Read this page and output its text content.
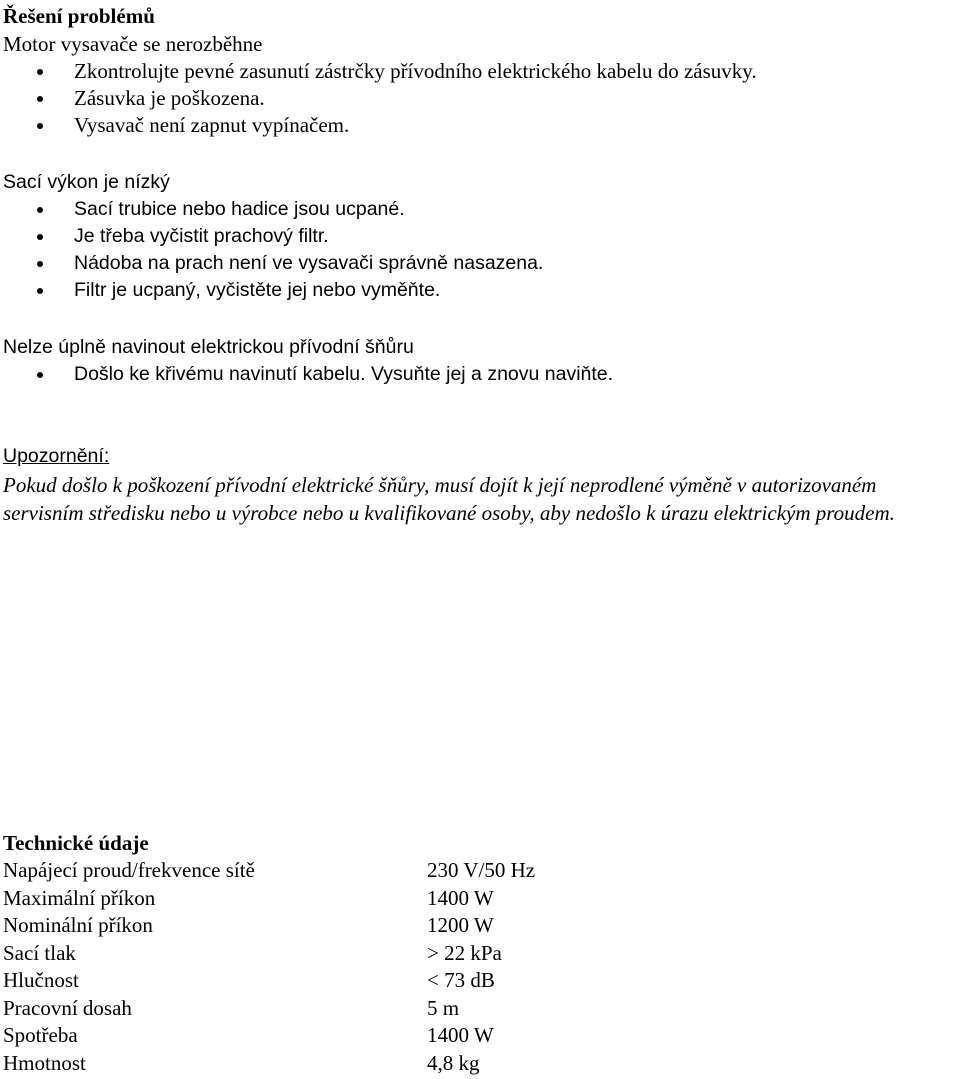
Řešení problémů
Motor vysavače se nerozběhne
Zkontrolujte pevné zasunutí zástrčky přívodního elektrického kabelu do zásuvky.
Zásuvka je poškozena.
Vysavač není zapnut vypínačem.
Sací výkon je nízký
Sací trubice nebo hadice jsou ucpané.
Je třeba vyčistit prachový filtr.
Nádoba na prach není ve vysavači správně nasazena.
Filtr je ucpaný, vyčistěte jej nebo vyměňte.
Nelze úplně navinout elektrickou přívodní šňůru
Došlo ke křivému navinutí kabelu. Vysuňte jej a znovu naviňte.
Upozornění:

Pokud došlo k poškození přívodní elektrické šňůry, musí dojít k její neprodlené výměně v autorizovaném servisním středisku nebo u výrobce nebo u kvalifikované osoby, aby nedošlo k úrazu elektrickým proudem.

Technické údaje
Napájecí proud/frekvence sítě	230 V/50 Hz
Maximální příkon	1400 W
Nominální příkon	1200 W
Sací tlak	> 22 kPa
Hlučnost	< 73 dB
Pracovní dosah	5 m
Spotřeba	1400 W
Hmotnost	4,8 kg
